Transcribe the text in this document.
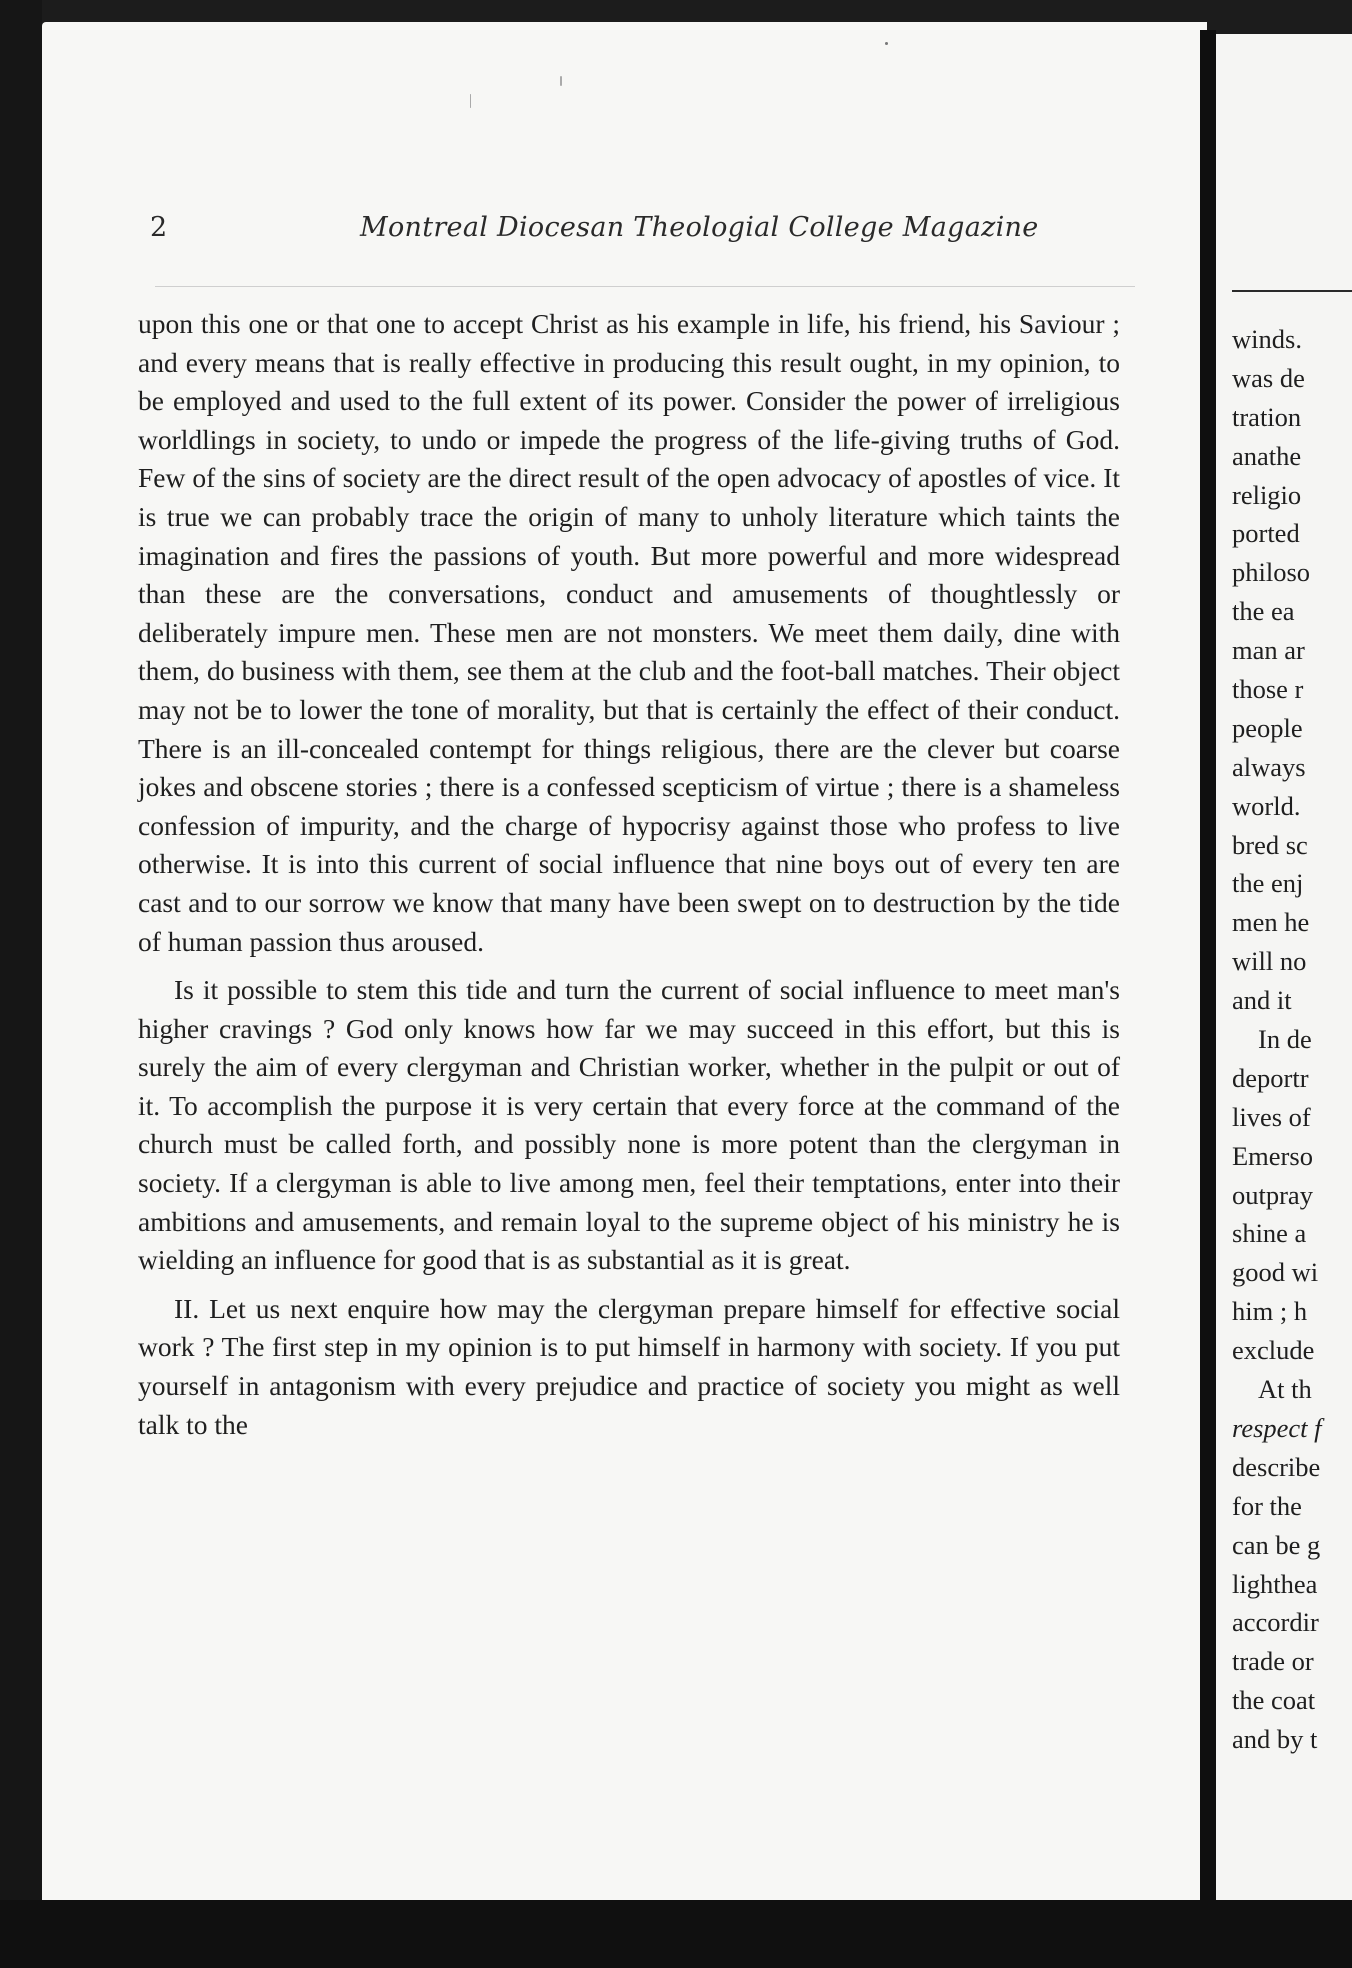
2	Montreal Diocesan Theologial College Magazine

upon this one or that one to accept Christ as his example in life, his friend, his Saviour ; and every means that is really effective in producing this result ought, in my opinion, to be employed and used to the full extent of its power. Consider the power of irreligious worldlings in society, to undo or impede the progress of the life-giving truths of God. Few of the sins of society are the direct result of the open advocacy of apostles of vice. It is true we can probably trace the origin of many to unholy literature which taints the imagination and fires the passions of youth. But more powerful and more widespread than these are the conversations, conduct and amusements of thoughtlessly or deliberately impure men. These men are not monsters. We meet them daily, dine with them, do business with them, see them at the club and the foot-ball matches. Their object may not be to lower the tone of morality, but that is certainly the effect of their conduct. There is an ill-concealed contempt for things religious, there are the clever but coarse jokes and obscene stories ; there is a confessed scepticism of virtue ; there is a shameless confession of impurity, and the charge of hypocrisy against those who profess to live otherwise. It is into this current of social influence that nine boys out of every ten are cast and to our sorrow we know that many have been swept on to destruction by the tide of human passion thus aroused.

Is it possible to stem this tide and turn the current of social influence to meet man's higher cravings ? God only knows how far we may succeed in this effort, but this is surely the aim of every clergyman and Christian worker, whether in the pulpit or out of it. To accomplish the purpose it is very certain that every force at the command of the church must be called forth, and possibly none is more potent than the clergyman in society. If a clergyman is able to live among men, feel their temptations, enter into their ambitions and amusements, and remain loyal to the supreme object of his ministry he is wielding an influence for good that is as substantial as it is great.

II. Let us next enquire how may the clergyman prepare himself for effective social work ? The first step in my opinion is to put himself in harmony with society. If you put yourself in antagonism with every prejudice and practice of society you might as well talk to the

winds.
was de
tration
anathe
religio
ported
philoso
the ea
man ar
those r
people
always
world.
bred sc
the enj
men he
will no
and it
In de
deportr
lives of
Emerso
outpray
shine a
good wi
him ; h
exclude
At th
respect f
describe
for the
can be g
lightheа
accordir
trade or
the coat
and by t
